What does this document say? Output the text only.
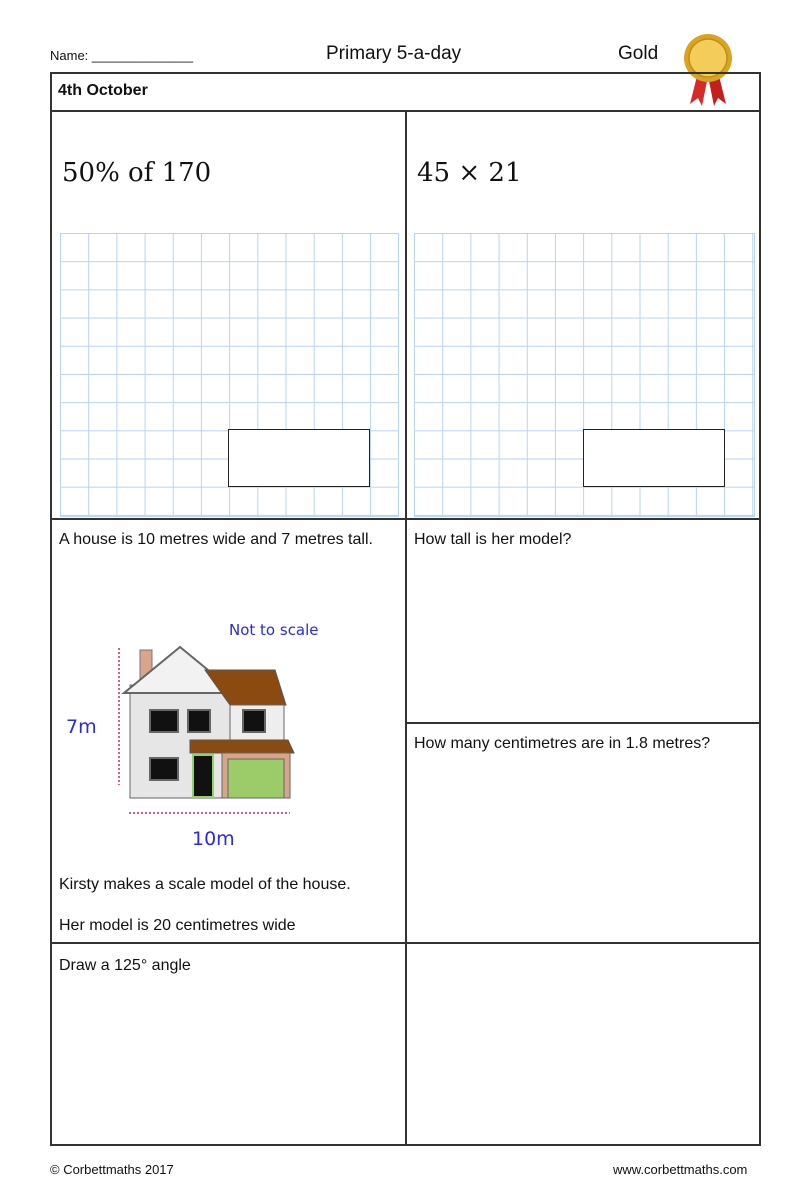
Name: ______________	Primary 5-a-day	Gold
4th October
50% of 170	45 × 21
A house is 10 metres wide and 7 metres tall.
Not to scale
7m
10m
Kirsty makes a scale model of the house.
Her model is 20 centimetres wide
How tall is her model?
How many centimetres are in 1.8 metres?
Draw a 125° angle
© Corbettmaths 2017	www.corbettmaths.com
